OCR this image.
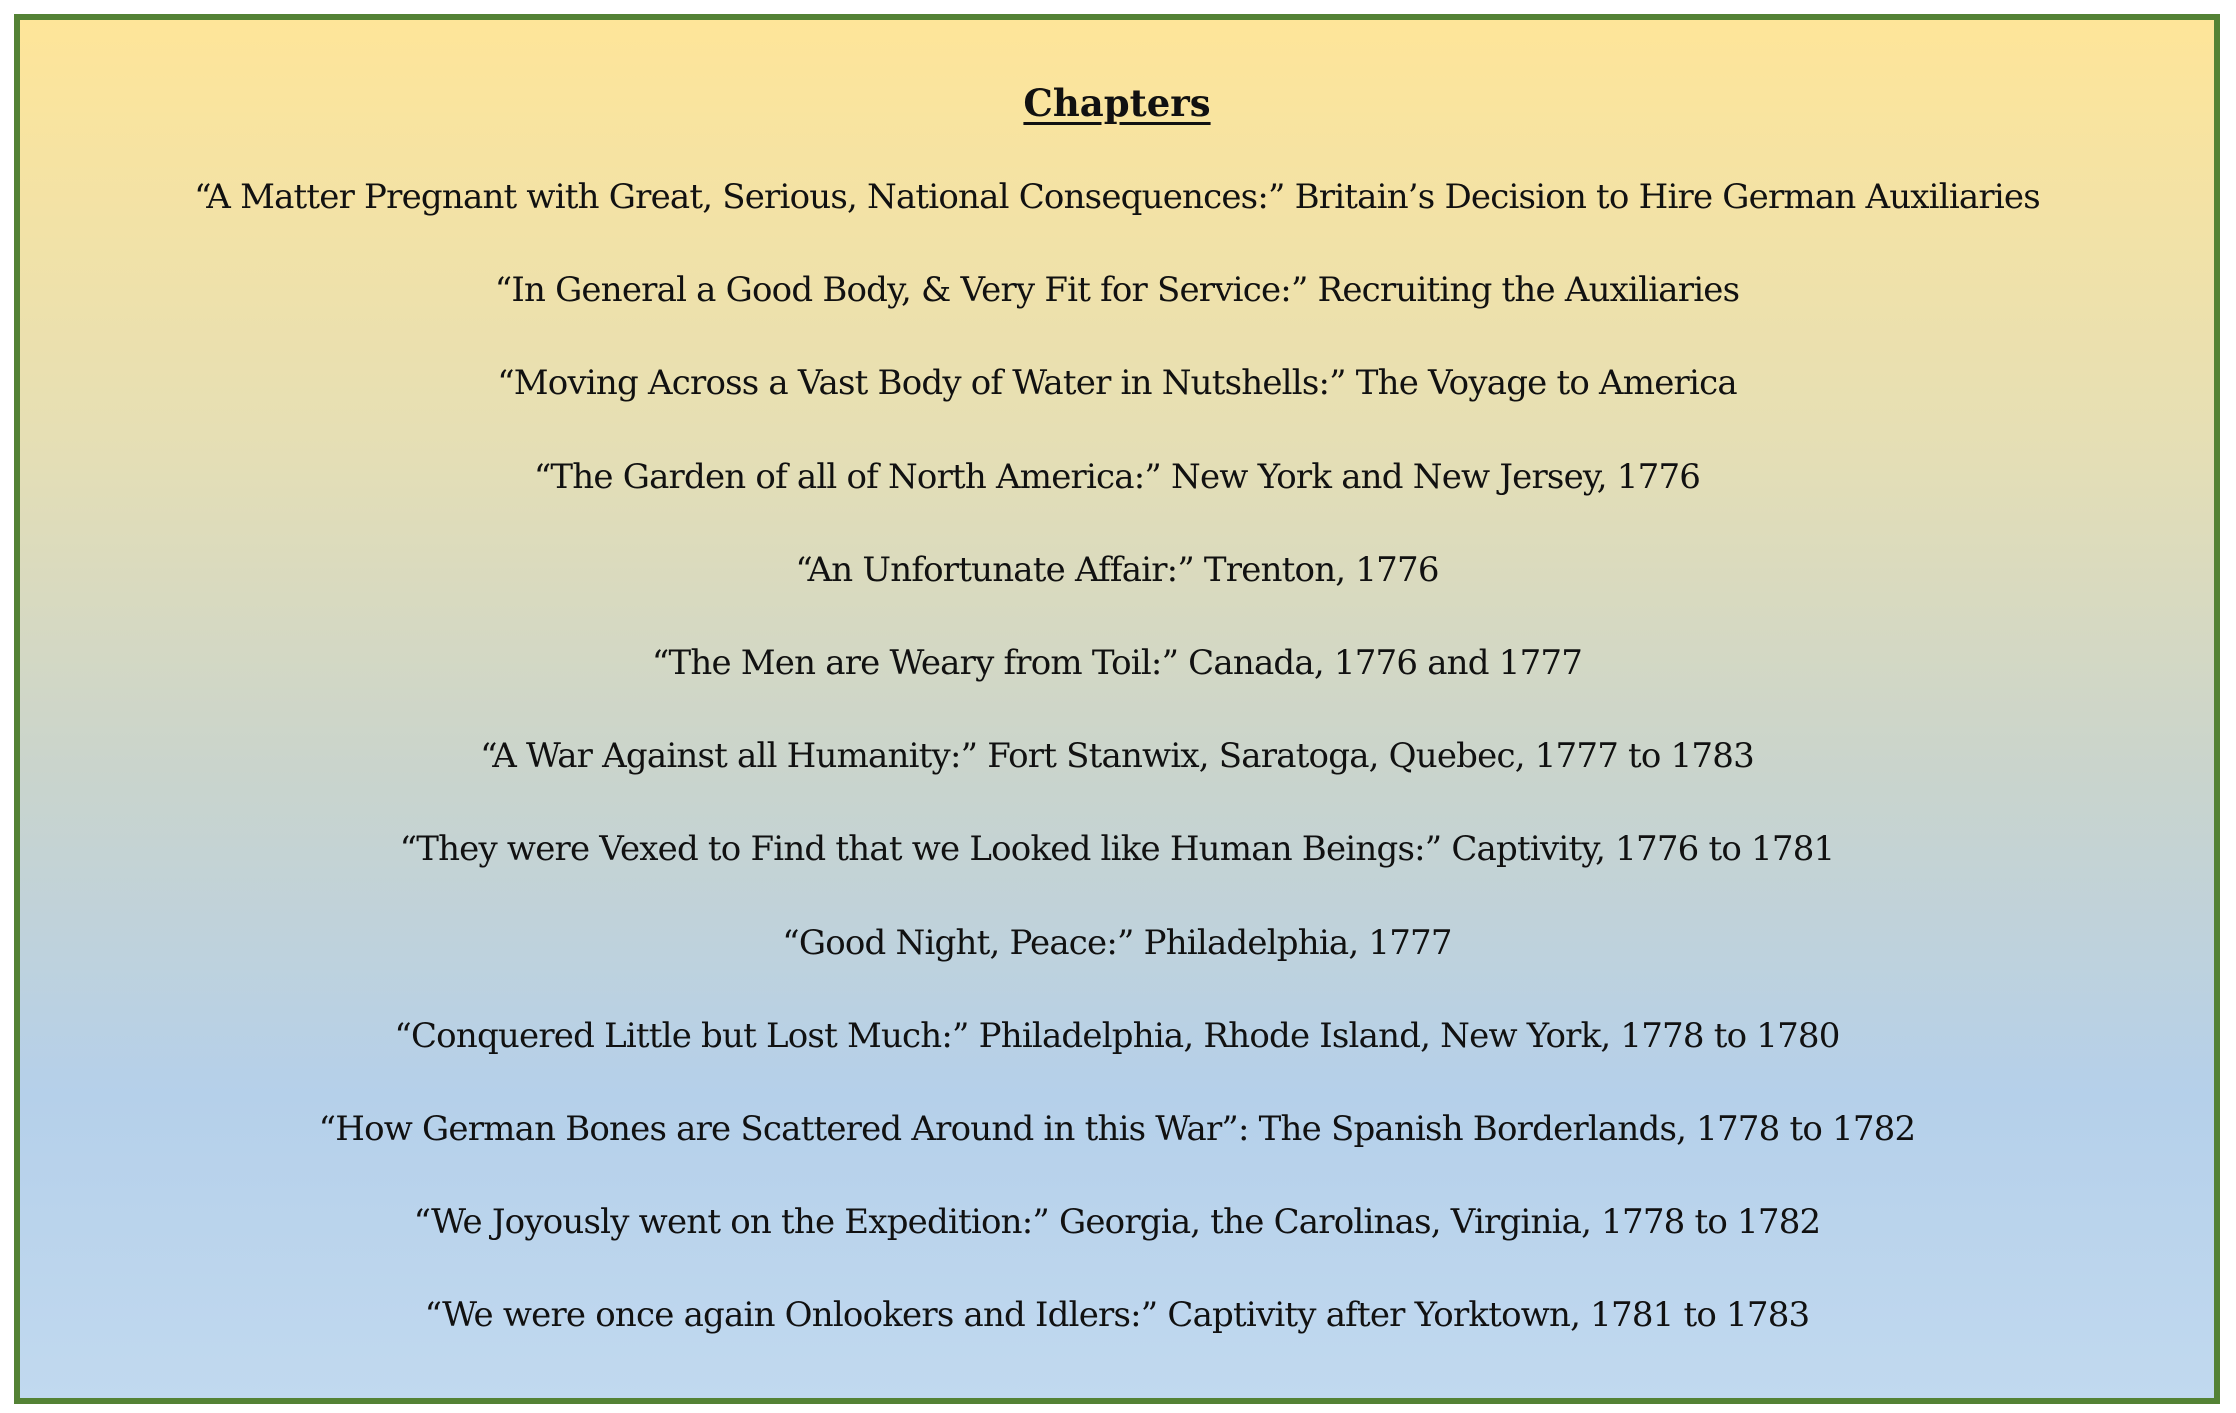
Chapters
“A Matter Pregnant with Great, Serious, National Consequences:” Britain’s Decision to Hire German Auxiliaries
“In General a Good Body, & Very Fit for Service:” Recruiting the Auxiliaries
“Moving Across a Vast Body of Water in Nutshells:” The Voyage to America
“The Garden of all of North America:” New York and New Jersey, 1776
“An Unfortunate Affair:” Trenton, 1776
“The Men are Weary from Toil:” Canada, 1776 and 1777
“A War Against all Humanity:” Fort Stanwix, Saratoga, Quebec, 1777 to 1783
“They were Vexed to Find that we Looked like Human Beings:” Captivity, 1776 to 1781
“Good Night, Peace:” Philadelphia, 1777
“Conquered Little but Lost Much:” Philadelphia, Rhode Island, New York, 1778 to 1780
“How German Bones are Scattered Around in this War”: The Spanish Borderlands, 1778 to 1782
“We Joyously went on the Expedition:” Georgia, the Carolinas, Virginia, 1778 to 1782
“We were once again Onlookers and Idlers:” Captivity after Yorktown, 1781 to 1783
